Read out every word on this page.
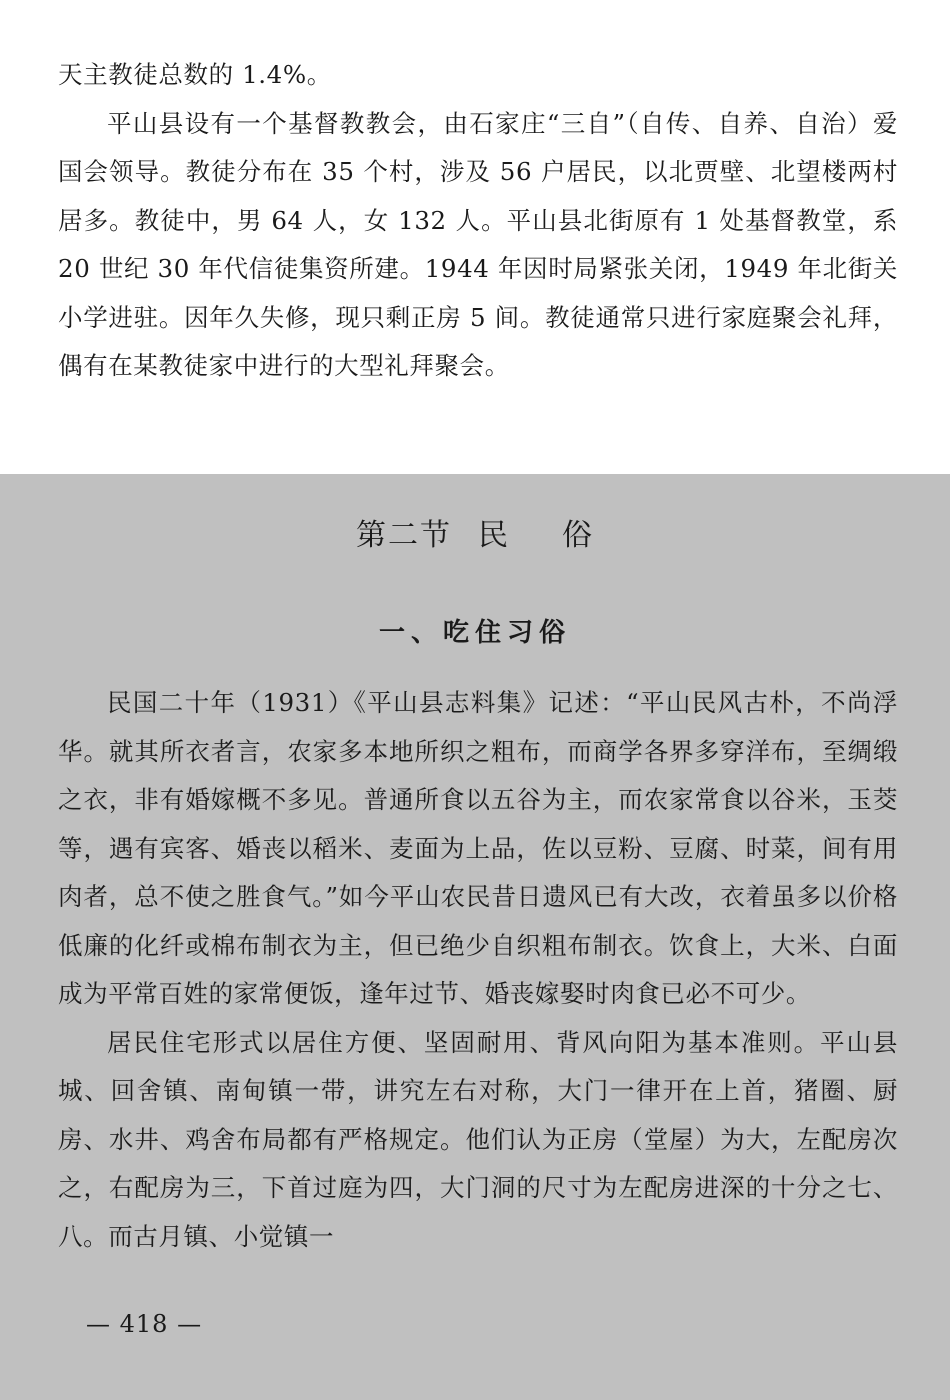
天主教徒总数的 1.4%。

平山县设有一个基督教教会，由石家庄“三自”（自传、自养、自治）爱国会领导。教徒分布在 35 个村，涉及 56 户居民，以北贾壁、北望楼两村居多。教徒中，男 64 人，女 132 人。平山县北街原有 1 处基督教堂，系 20 世纪 30 年代信徒集资所建。1944 年因时局紧张关闭，1949 年北街关小学进驻。因年久失修，现只剩正房 5 间。教徒通常只进行家庭聚会礼拜，偶有在某教徒家中进行的大型礼拜聚会。

第二节 民 俗
一、吃住习俗

民国二十年（1931）《平山县志料集》记述：“平山民风古朴，不尚浮华。就其所衣者言，农家多本地所织之粗布，而商学各界多穿洋布，至绸缎之衣，非有婚嫁概不多见。普通所食以五谷为主，而农家常食以谷米，玉茭等，遇有宾客、婚丧以稻米、麦面为上品，佐以豆粉、豆腐、时菜，间有用肉者，总不使之胜食气。”如今平山农民昔日遗风已有大改，衣着虽多以价格低廉的化纤或棉布制衣为主，但已绝少自织粗布制衣。饮食上，大米、白面成为平常百姓的家常便饭，逢年过节、婚丧嫁娶时肉食已必不可少。

居民住宅形式以居住方便、坚固耐用、背风向阳为基本准则。平山县城、回舍镇、南甸镇一带，讲究左右对称，大门一律开在上首，猪圈、厨房、水井、鸡舍布局都有严格规定。他们认为正房（堂屋）为大，左配房次之，右配房为三，下首过庭为四，大门洞的尺寸为左配房进深的十分之七、八。而古月镇、小觉镇一

— 418 —
